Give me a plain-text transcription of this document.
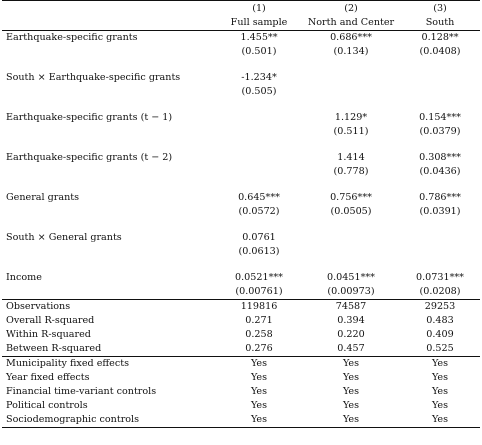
	(1)	(2)	(3)
	Full sample	North and Center	South
Earthquake-specific grants	1.455**	0.686***	0.128**
	(0.501)	(0.134)	(0.0408)

South × Earthquake-specific grants	-1.234*		
	(0.505)		

Earthquake-specific grants (t − 1)		1.129*	0.154***
		(0.511)	(0.0379)

Earthquake-specific grants (t − 2)		1.414	0.308***
		(0.778)	(0.0436)

General grants	0.645***	0.756***	0.786***
	(0.0572)	(0.0505)	(0.0391)

South × General grants	0.0761		
	(0.0613)		

Income	0.0521***	0.0451***	0.0731***
	(0.00761)	(0.00973)	(0.0208)
Observations	119816	74587	29253
Overall R-squared	0.271	0.394	0.483
Within R-squared	0.258	0.220	0.409
Between R-squared	0.276	0.457	0.525
Municipality fixed effects	Yes	Yes	Yes
Year fixed effects	Yes	Yes	Yes
Financial time-variant controls	Yes	Yes	Yes
Political controls	Yes	Yes	Yes
Sociodemographic controls	Yes	Yes	Yes
